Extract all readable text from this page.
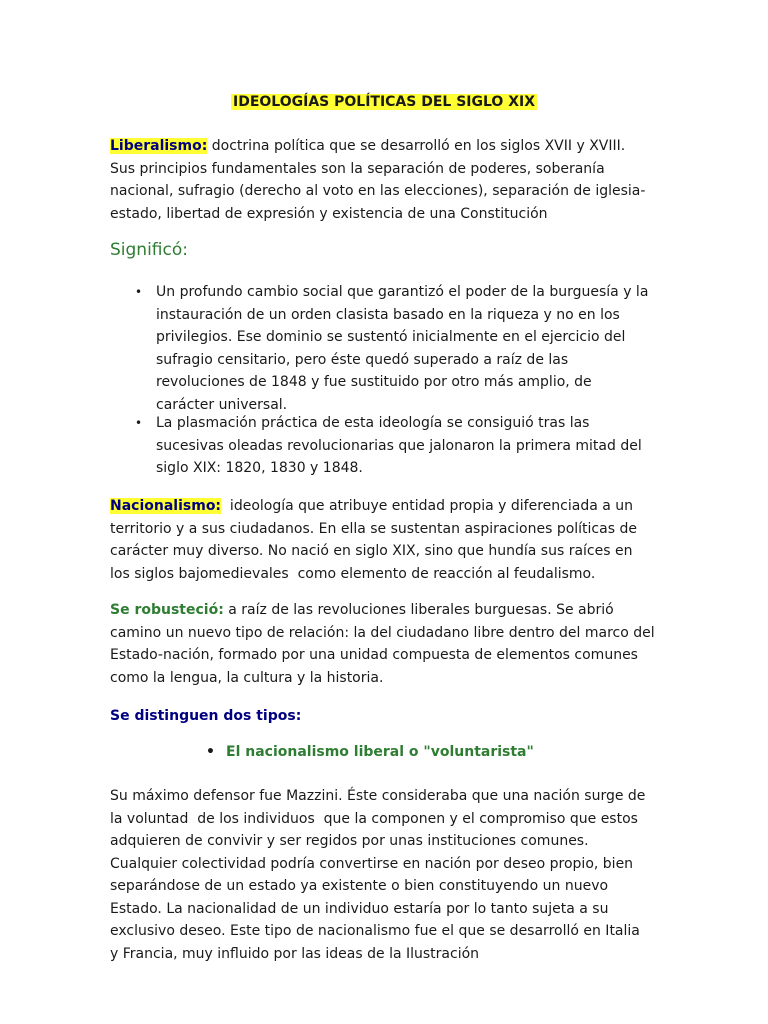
IDEOLOGÍAS POLÍTICAS DEL SIGLO XIX
Liberalismo: doctrina política que se desarrolló en los siglos XVII y XVIII.
Sus principios fundamentales son la separación de poderes, soberanía
nacional, sufragio (derecho al voto en las elecciones), separación de iglesia-
estado, libertad de expresión y existencia de una Constitución
Significó:
• Un profundo cambio social que garantizó el poder de la burguesía y la
instauración de un orden clasista basado en la riqueza y no en los
privilegios. Ese dominio se sustentó inicialmente en el ejercicio del
sufragio censitario, pero éste quedó superado a raíz de las
revoluciones de 1848 y fue sustituido por otro más amplio, de
carácter universal.
• La plasmación práctica de esta ideología se consiguió tras las
sucesivas oleadas revolucionarias que jalonaron la primera mitad del
siglo XIX: 1820, 1830 y 1848.
Nacionalismo:  ideología que atribuye entidad propia y diferenciada a un
territorio y a sus ciudadanos. En ella se sustentan aspiraciones políticas de
carácter muy diverso. No nació en siglo XIX, sino que hundía sus raíces en
los siglos bajomedievales  como elemento de reacción al feudalismo.
Se robusteció: a raíz de las revoluciones liberales burguesas. Se abrió
camino un nuevo tipo de relación: la del ciudadano libre dentro del marco del
Estado-nación, formado por una unidad compuesta de elementos comunes
como la lengua, la cultura y la historia.
Se distinguen dos tipos:
• El nacionalismo liberal o "voluntarista"
Su máximo defensor fue Mazzini. Éste consideraba que una nación surge de
la voluntad  de los individuos  que la componen y el compromiso que estos
adquieren de convivir y ser regidos por unas instituciones comunes.
Cualquier colectividad podría convertirse en nación por deseo propio, bien
separándose de un estado ya existente o bien constituyendo un nuevo
Estado. La nacionalidad de un individuo estaría por lo tanto sujeta a su
exclusivo deseo. Este tipo de nacionalismo fue el que se desarrolló en Italia
y Francia, muy influido por las ideas de la Ilustración
